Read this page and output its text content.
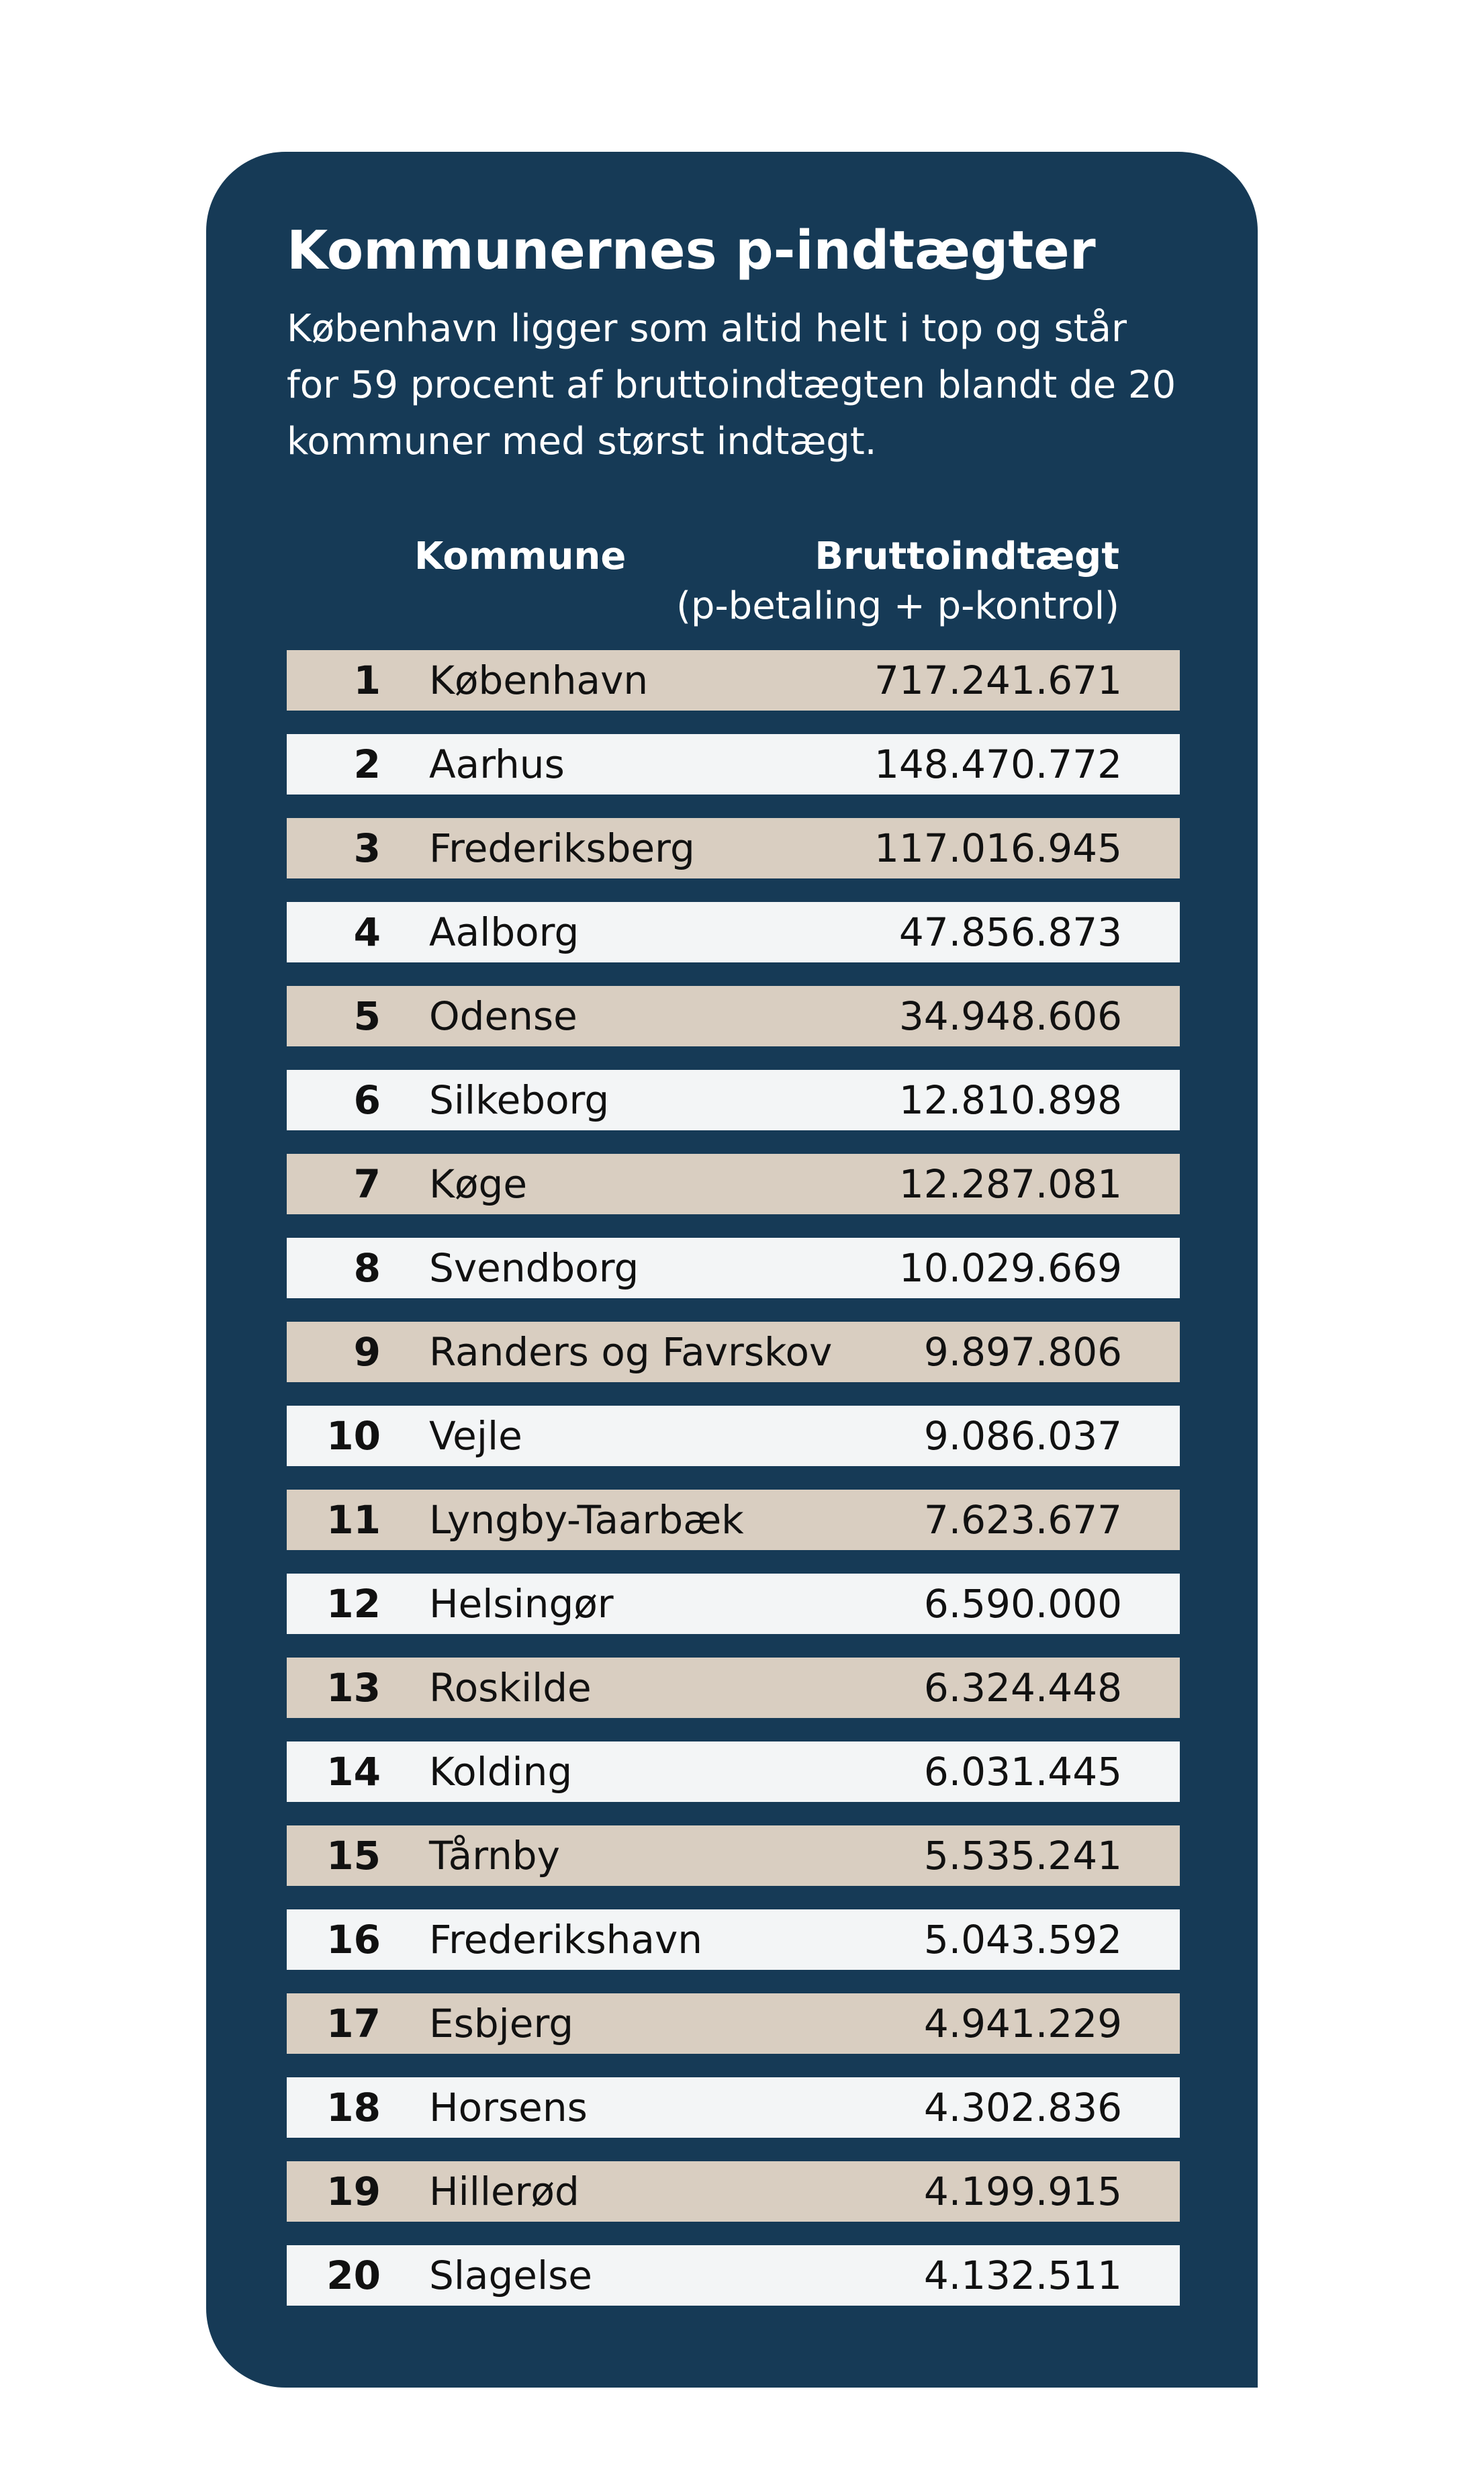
Kommunernes p-indtægter

København ligger som altid helt i top og står for 59 procent af bruttoindtægten blandt de 20 kommuner med størst indtægt.

Kommune	Bruttoindtægt
(p-betaling + p-kontrol)
1 København	717.241.671
2 Aarhus	148.470.772
3 Frederiksberg	117.016.945
4 Aalborg	47.856.873
5 Odense	34.948.606
6 Silkeborg	12.810.898
7 Køge	12.287.081
8 Svendborg	10.029.669
9 Randers og Favrskov 9.897.806
10 Vejle	9.086.037
11 Lyngby-Taarbæk	7.623.677
12 Helsingør	6.590.000
13 Roskilde	6.324.448
14 Kolding	6.031.445
15 Tårnby	5.535.241
16 Frederikshavn	5.043.592
17 Esbjerg	4.941.229
18 Horsens	4.302.836
19 Hillerød	4.199.915
20 Slagelse	4.132.511
